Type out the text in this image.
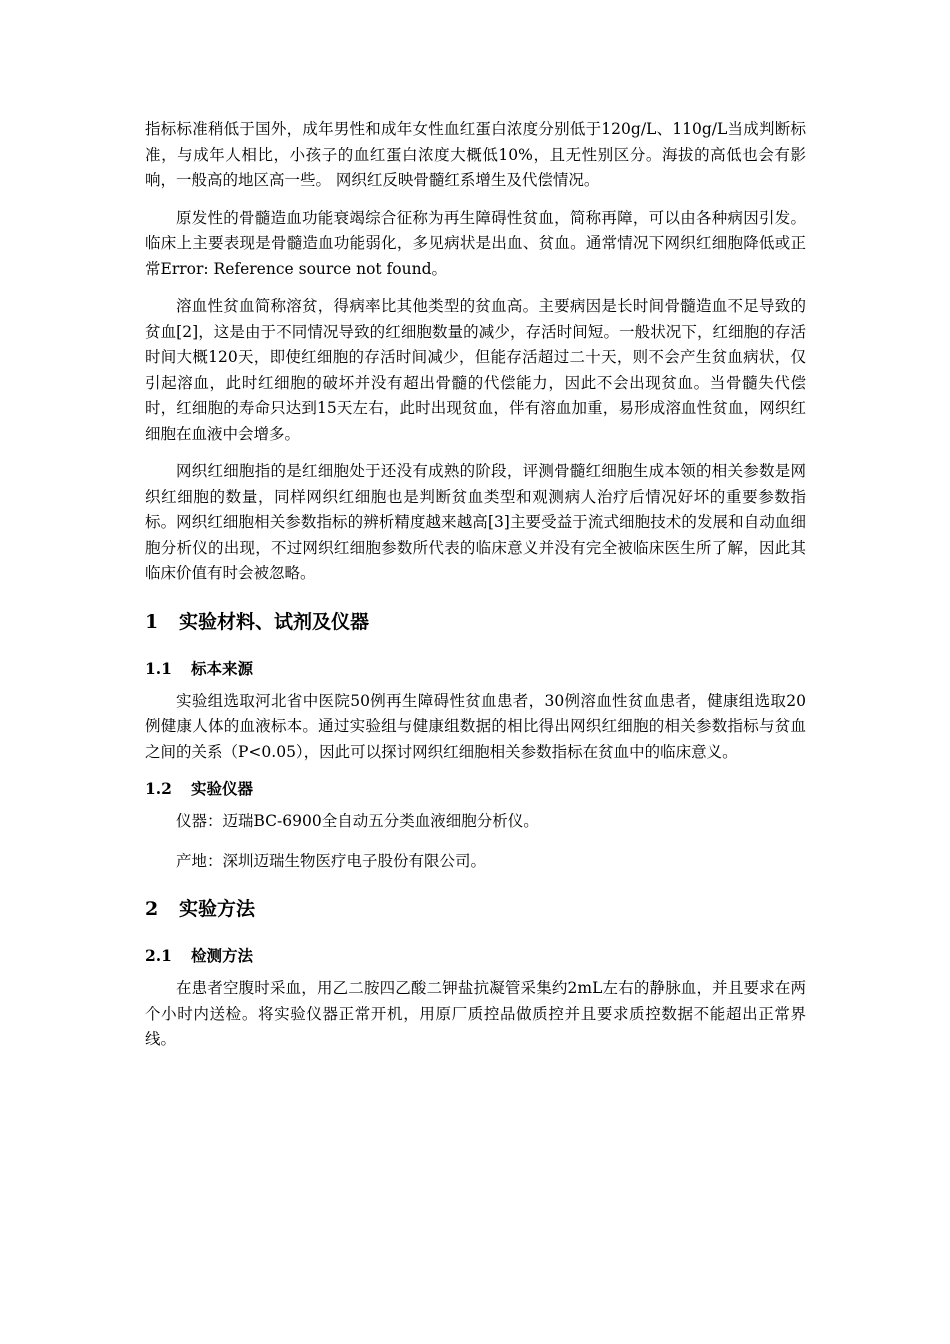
指标标准稍低于国外，成年男性和成年女性血红蛋白浓度分别低于120g/L、110g/L当成判断标准，与成年人相比，小孩子的血红蛋白浓度大概低10%，且无性别区分。海拔的高低也会有影响，一般高的地区高一些。 网织红反映骨髓红系增生及代偿情况。

原发性的骨髓造血功能衰竭综合征称为再生障碍性贫血，简称再障，可以由各种病因引发。临床上主要表现是骨髓造血功能弱化，多见病状是出血、贫血。通常情况下网织红细胞降低或正常Error: Reference source not found。

溶血性贫血简称溶贫，得病率比其他类型的贫血高。主要病因是长时间骨髓造血不足导致的贫血[2]，这是由于不同情况导致的红细胞数量的减少，存活时间短。一般状况下，红细胞的存活时间大概120天，即使红细胞的存活时间减少，但能存活超过二十天，则不会产生贫血病状，仅引起溶血，此时红细胞的破坏并没有超出骨髓的代偿能力，因此不会出现贫血。当骨髓失代偿时，红细胞的寿命只达到15天左右，此时出现贫血，伴有溶血加重，易形成溶血性贫血，网织红细胞在血液中会增多。

网织红细胞指的是红细胞处于还没有成熟的阶段，评测骨髓红细胞生成本领的相关参数是网织红细胞的数量，同样网织红细胞也是判断贫血类型和观测病人治疗后情况好坏的重要参数指标。网织红细胞相关参数指标的辨析精度越来越高[3]主要受益于流式细胞技术的发展和自动血细胞分析仪的出现，不过网织红细胞参数所代表的临床意义并没有完全被临床医生所了解，因此其临床价值有时会被忽略。

1 实验材料、试剂及仪器
1.1 标本来源

实验组选取河北省中医院50例再生障碍性贫血患者，30例溶血性贫血患者，健康组选取20例健康人体的血液标本。通过实验组与健康组数据的相比得出网织红细胞的相关参数指标与贫血之间的关系（P<0.05），因此可以探讨网织红细胞相关参数指标在贫血中的临床意义。

1.2 实验仪器

仪器：迈瑞BC-6900全自动五分类血液细胞分析仪。

产地：深圳迈瑞生物医疗电子股份有限公司。

2 实验方法
2.1 检测方法

在患者空腹时采血，用乙二胺四乙酸二钾盐抗凝管采集约2mL左右的静脉血，并且要求在两个小时内送检。将实验仪器正常开机，用原厂质控品做质控并且要求质控数据不能超出正常界线。
